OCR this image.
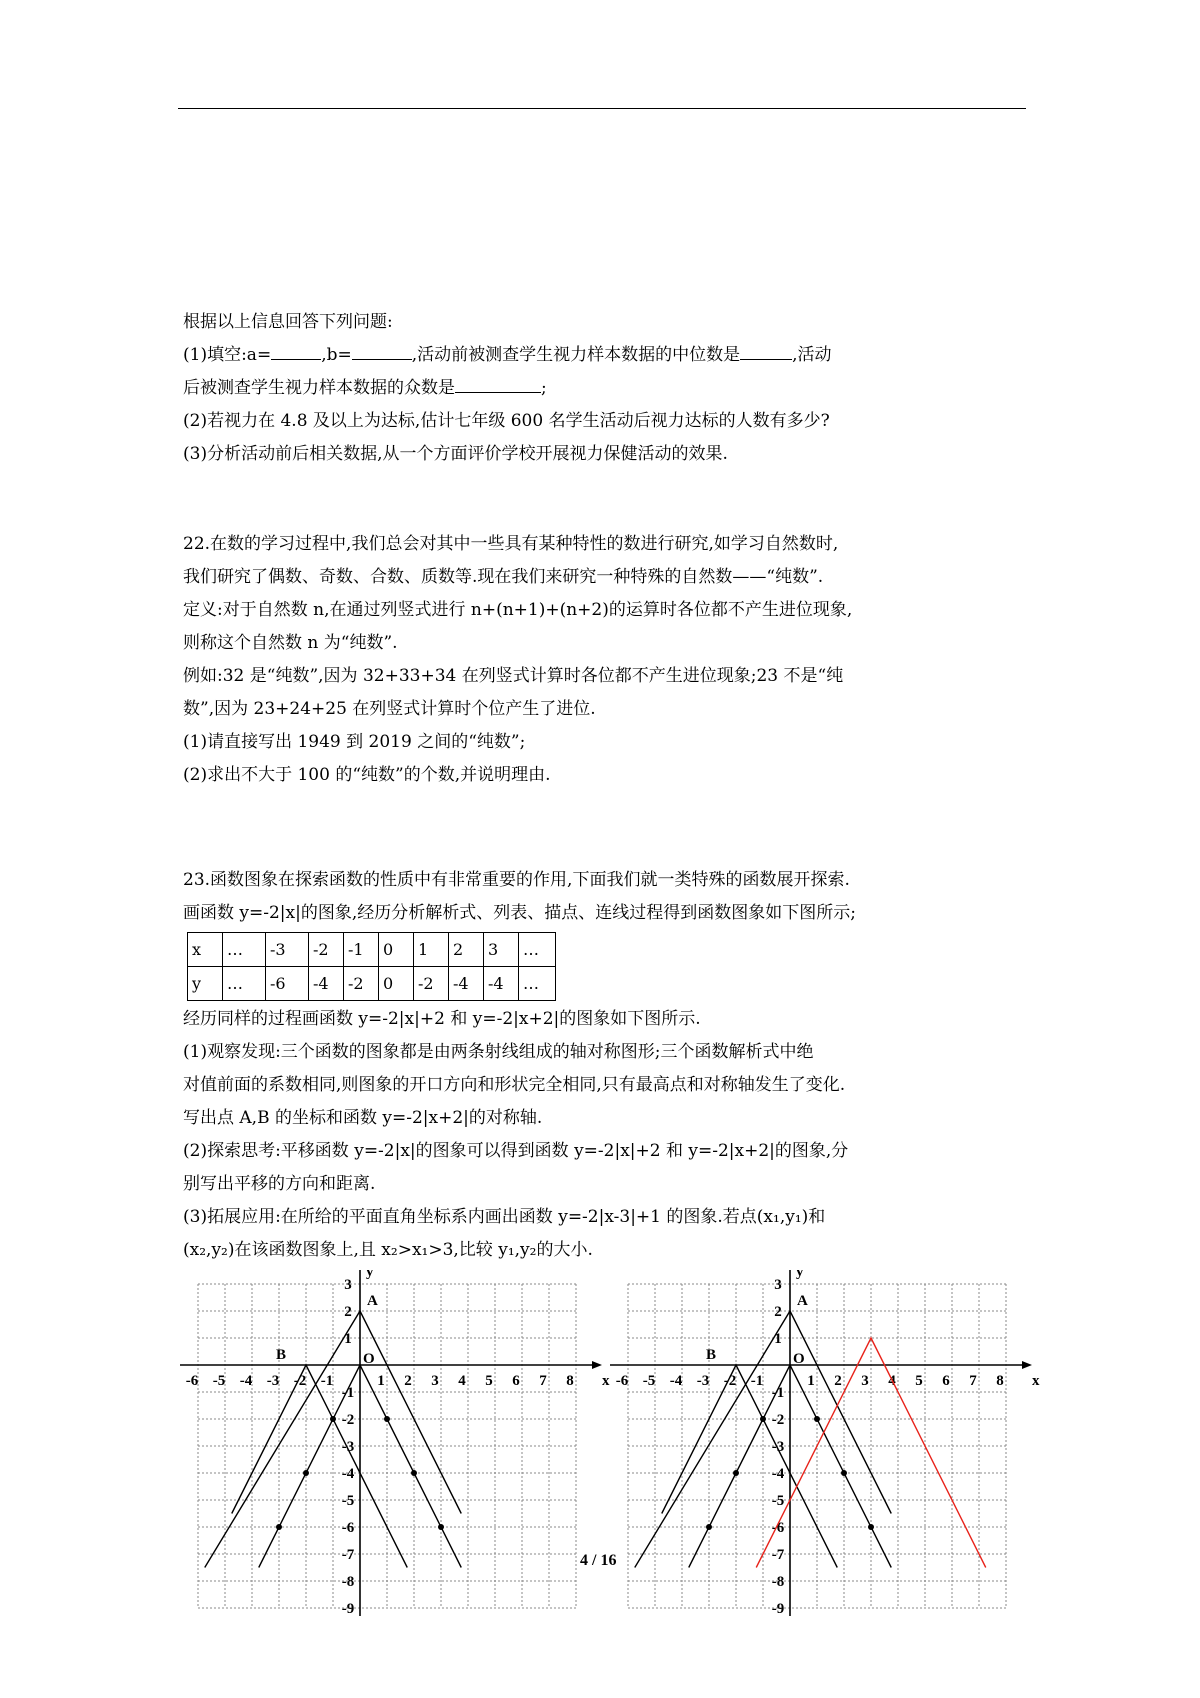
根据以上信息回答下列问题:
(1)填空:a=	,b=	,活动前被测查学生视力样本数据的中位数是	,活动
后被测查学生视力样本数据的众数是	;
(2)若视力在 4.8 及以上为达标,估计七年级 600 名学生活动后视力达标的人数有多少?
(3)分析活动前后相关数据,从一个方面评价学校开展视力保健活动的效果.
22.在数的学习过程中,我们总会对其中一些具有某种特性的数进行研究,如学习自然数时,
我们研究了偶数、奇数、合数、质数等.现在我们来研究一种特殊的自然数——“纯数”.
定义:对于自然数 n,在通过列竖式进行 n+(n+1)+(n+2)的运算时各位都不产生进位现象,
则称这个自然数 n 为“纯数”.
例如:32 是“纯数”,因为 32+33+34 在列竖式计算时各位都不产生进位现象;23 不是“纯
数”,因为 23+24+25 在列竖式计算时个位产生了进位.
(1)请直接写出 1949 到 2019 之间的“纯数”;
(2)求出不大于 100 的“纯数”的个数,并说明理由.
23.函数图象在探索函数的性质中有非常重要的作用,下面我们就一类特殊的函数展开探索.
画函数 y=-2|x|的图象,经历分析解析式、列表、描点、连线过程得到函数图象如下图所示;
x	…	-3	-2	-1	0	1	2	3	…
y	…	-6	-4	-2	0	-2	-4	-4	…
经历同样的过程画函数 y=-2|x|+2 和 y=-2|x+2|的图象如下图所示.
(1)观察发现:三个函数的图象都是由两条射线组成的轴对称图形;三个函数解析式中绝
对值前面的系数相同,则图象的开口方向和形状完全相同,只有最高点和对称轴发生了变化.
写出点 A,B 的坐标和函数 y=-2|x+2|的对称轴.
(2)探索思考:平移函数 y=-2|x|的图象可以得到函数 y=-2|x|+2 和 y=-2|x+2|的图象,分
别写出平移的方向和距离.
(3)拓展应用:在所给的平面直角坐标系内画出函数 y=-2|x-3|+1 的图象.若点(x₁,y₁)和
(x₂,y₂)在该函数图象上,且 x₂>x₁>3,比较 y₁,y₂的大小.
-6 -5 -4 -3 -2 -1	1 2 3 4 5 6 7 8
3
2
1
-1
-2
-3
-4
-5
-6
-7
-8
-9
x
y
O
A
B
-6 -5 -4 -3 -2 -1	1 2 3 4 5 6 7 8
3
2
1
-1
-2
-3
-4
-5
-6
-7
-8
-9
x
y
O
A
B
4 / 16
